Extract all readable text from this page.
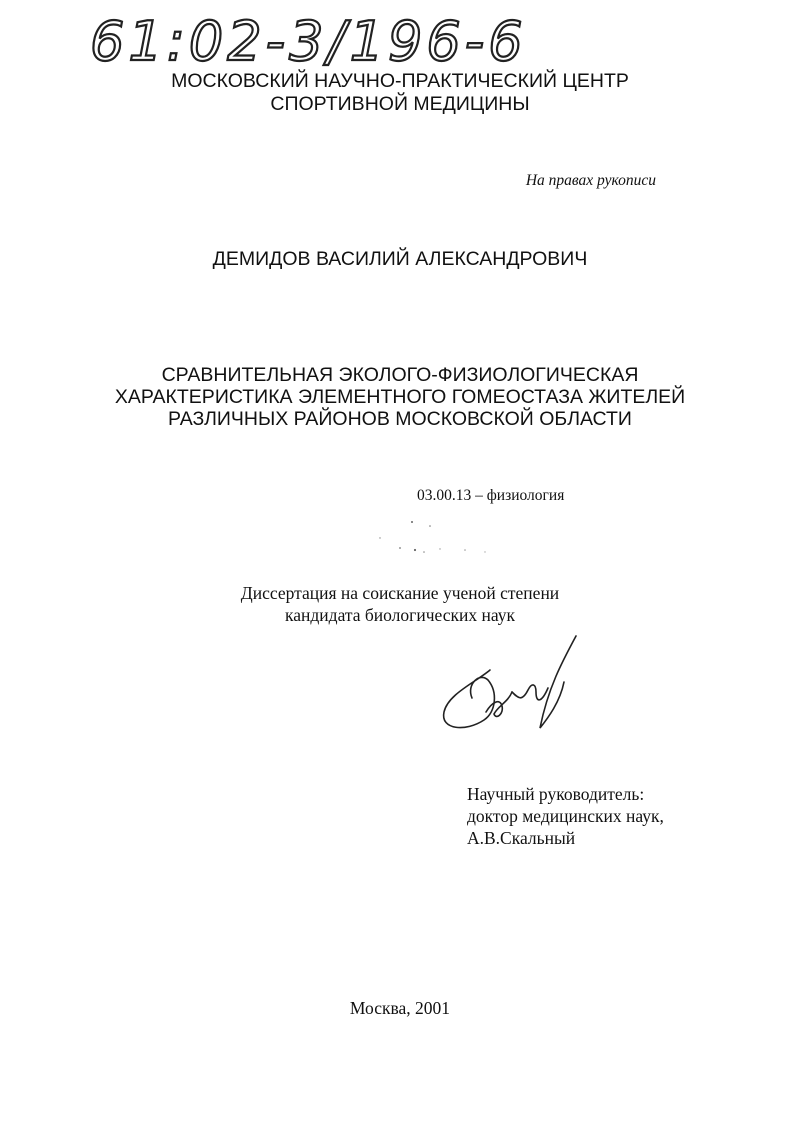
61:02-3/196-6
МОСКОВСКИЙ НАУЧНО-ПРАКТИЧЕСКИЙ ЦЕНТР
СПОРТИВНОЙ МЕДИЦИНЫ
На правах рукописи
ДЕМИДОВ ВАСИЛИЙ АЛЕКСАНДРОВИЧ
СРАВНИТЕЛЬНАЯ ЭКОЛОГО-ФИЗИОЛОГИЧЕСКАЯ
ХАРАКТЕРИСТИКА ЭЛЕМЕНТНОГО ГОМЕОСТАЗА ЖИТЕЛЕЙ
РАЗЛИЧНЫХ РАЙОНОВ МОСКОВСКОЙ ОБЛАСТИ
03.00.13 – физиология
Диссертация на соискание ученой степени
кандидата биологических наук
Научный руководитель:
доктор медицинских наук,
А.В.Скальный
Москва, 2001
